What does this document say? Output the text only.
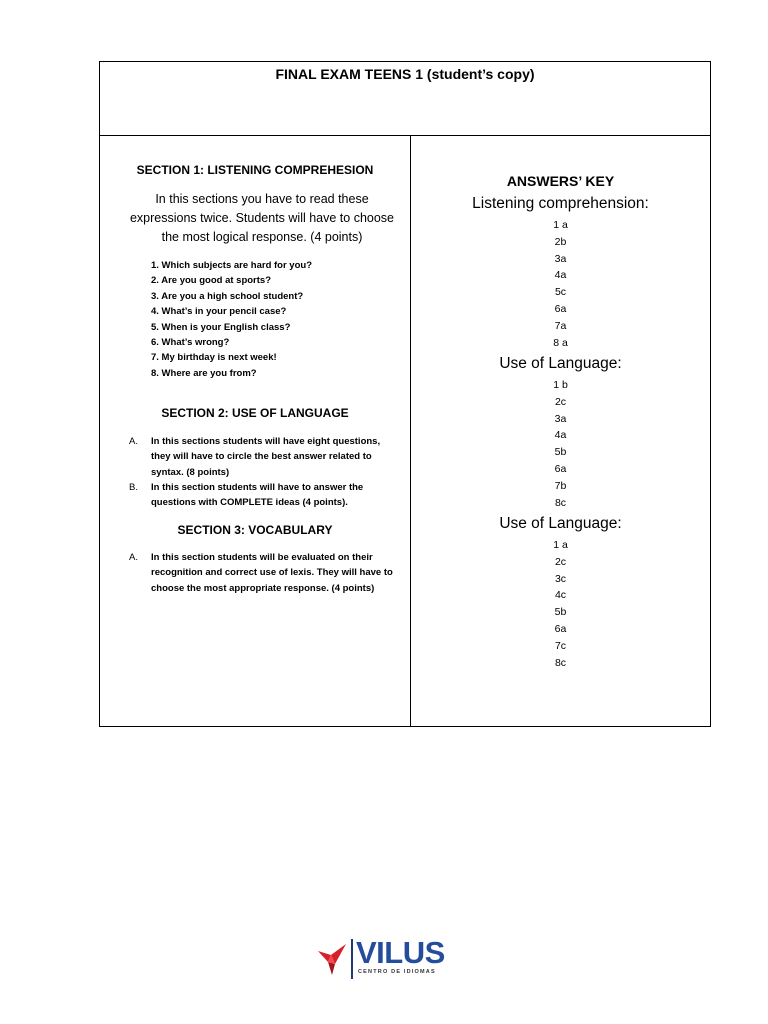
FINAL EXAM TEENS 1 (student’s copy)
SECTION 1: LISTENING COMPREHESION
In this sections you have to read these
expressions twice. Students will have to choose
the most logical response. (4 points)
1. Which subjects are hard for you?
2. Are you good at sports?
3. Are you a high school student?
4. What’s in your pencil case?
5. When is your English class?
6. What’s wrong?
7. My birthday is next week!
8. Where are you from?
SECTION 2: USE OF LANGUAGE
A. In this sections students will have eight questions,
they will have to circle the best answer related to
syntax. (8 points)
B. In this section students will have to answer the
questions with COMPLETE ideas (4 points).
SECTION 3: VOCABULARY
A. In this section students will be evaluated on their
recognition and correct use of lexis. They will have to
choose the most appropriate response. (4 points)
ANSWERS’ KEY
Listening comprehension:
1 a
2b
3a
4a
5c
6a
7a
8 a
Use of Language:
1 b
2c
3a
4a
5b
6a
7b
8c
Use of Language:
1 a
2c
3c
4c
5b
6a
7c
8c
VILUS
CENTRO DE IDIOMAS
